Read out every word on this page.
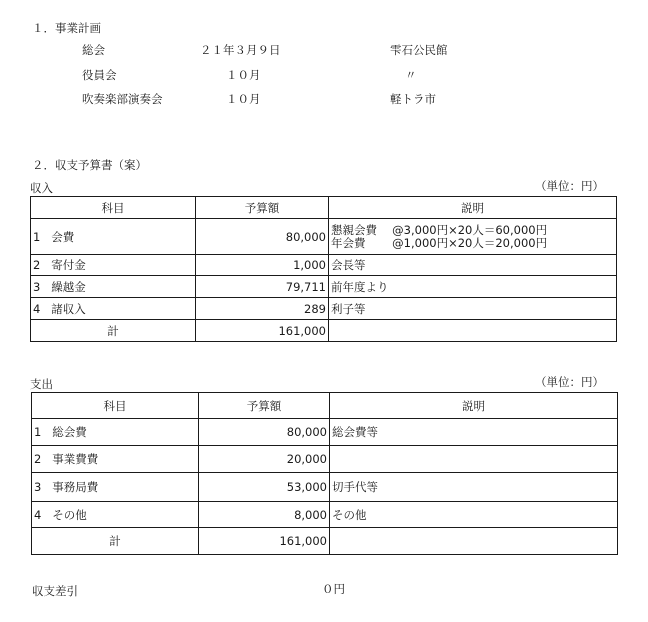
１．事業計画
総会	２１年３月９日	雫石公民館
役員会	１０月	〃
吹奏楽部演奏会	１０月	軽トラ市
２．収支予算書（案）
収入	（単位：円）
科目	予算額	説明
1 会費	80,000	懇親会費　 @3,000円×20人＝60,000円
年会費　　 @1,000円×20人＝20,000円

2 寄付金	1,000	会長等
3 繰越金	79,711	前年度より
4 諸収入	289	利子等
計	161,000	
支出	（単位：円）
科目	予算額	説明
1 総会費	80,000	総会費等
2 事業費費	20,000	
3 事務局費	53,000	切手代等
4 その他	8,000	その他
計	161,000	
収支差引	０円
